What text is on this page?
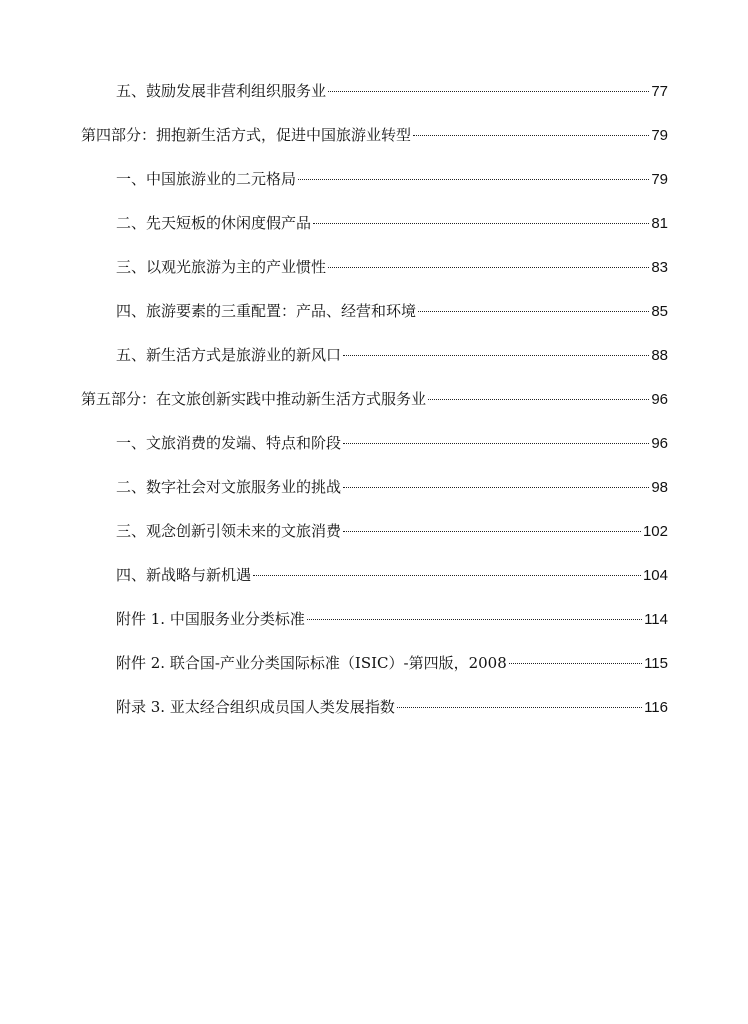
五、鼓励发展非营利组织服务业	77
第四部分：拥抱新生活方式，促进中国旅游业转型	79
一、中国旅游业的二元格局	79
二、先天短板的休闲度假产品	81
三、以观光旅游为主的产业惯性	83
四、旅游要素的三重配置：产品、经营和环境	85
五、新生活方式是旅游业的新风口	88
第五部分：在文旅创新实践中推动新生活方式服务业	96
一、文旅消费的发端、特点和阶段	96
二、数字社会对文旅服务业的挑战	98
三、观念创新引领未来的文旅消费	102
四、新战略与新机遇	104
附件 1. 中国服务业分类标准	114
附件 2. 联合国-产业分类国际标准（ISIC）-第四版，2008	115
附录 3. 亚太经合组织成员国人类发展指数	116
